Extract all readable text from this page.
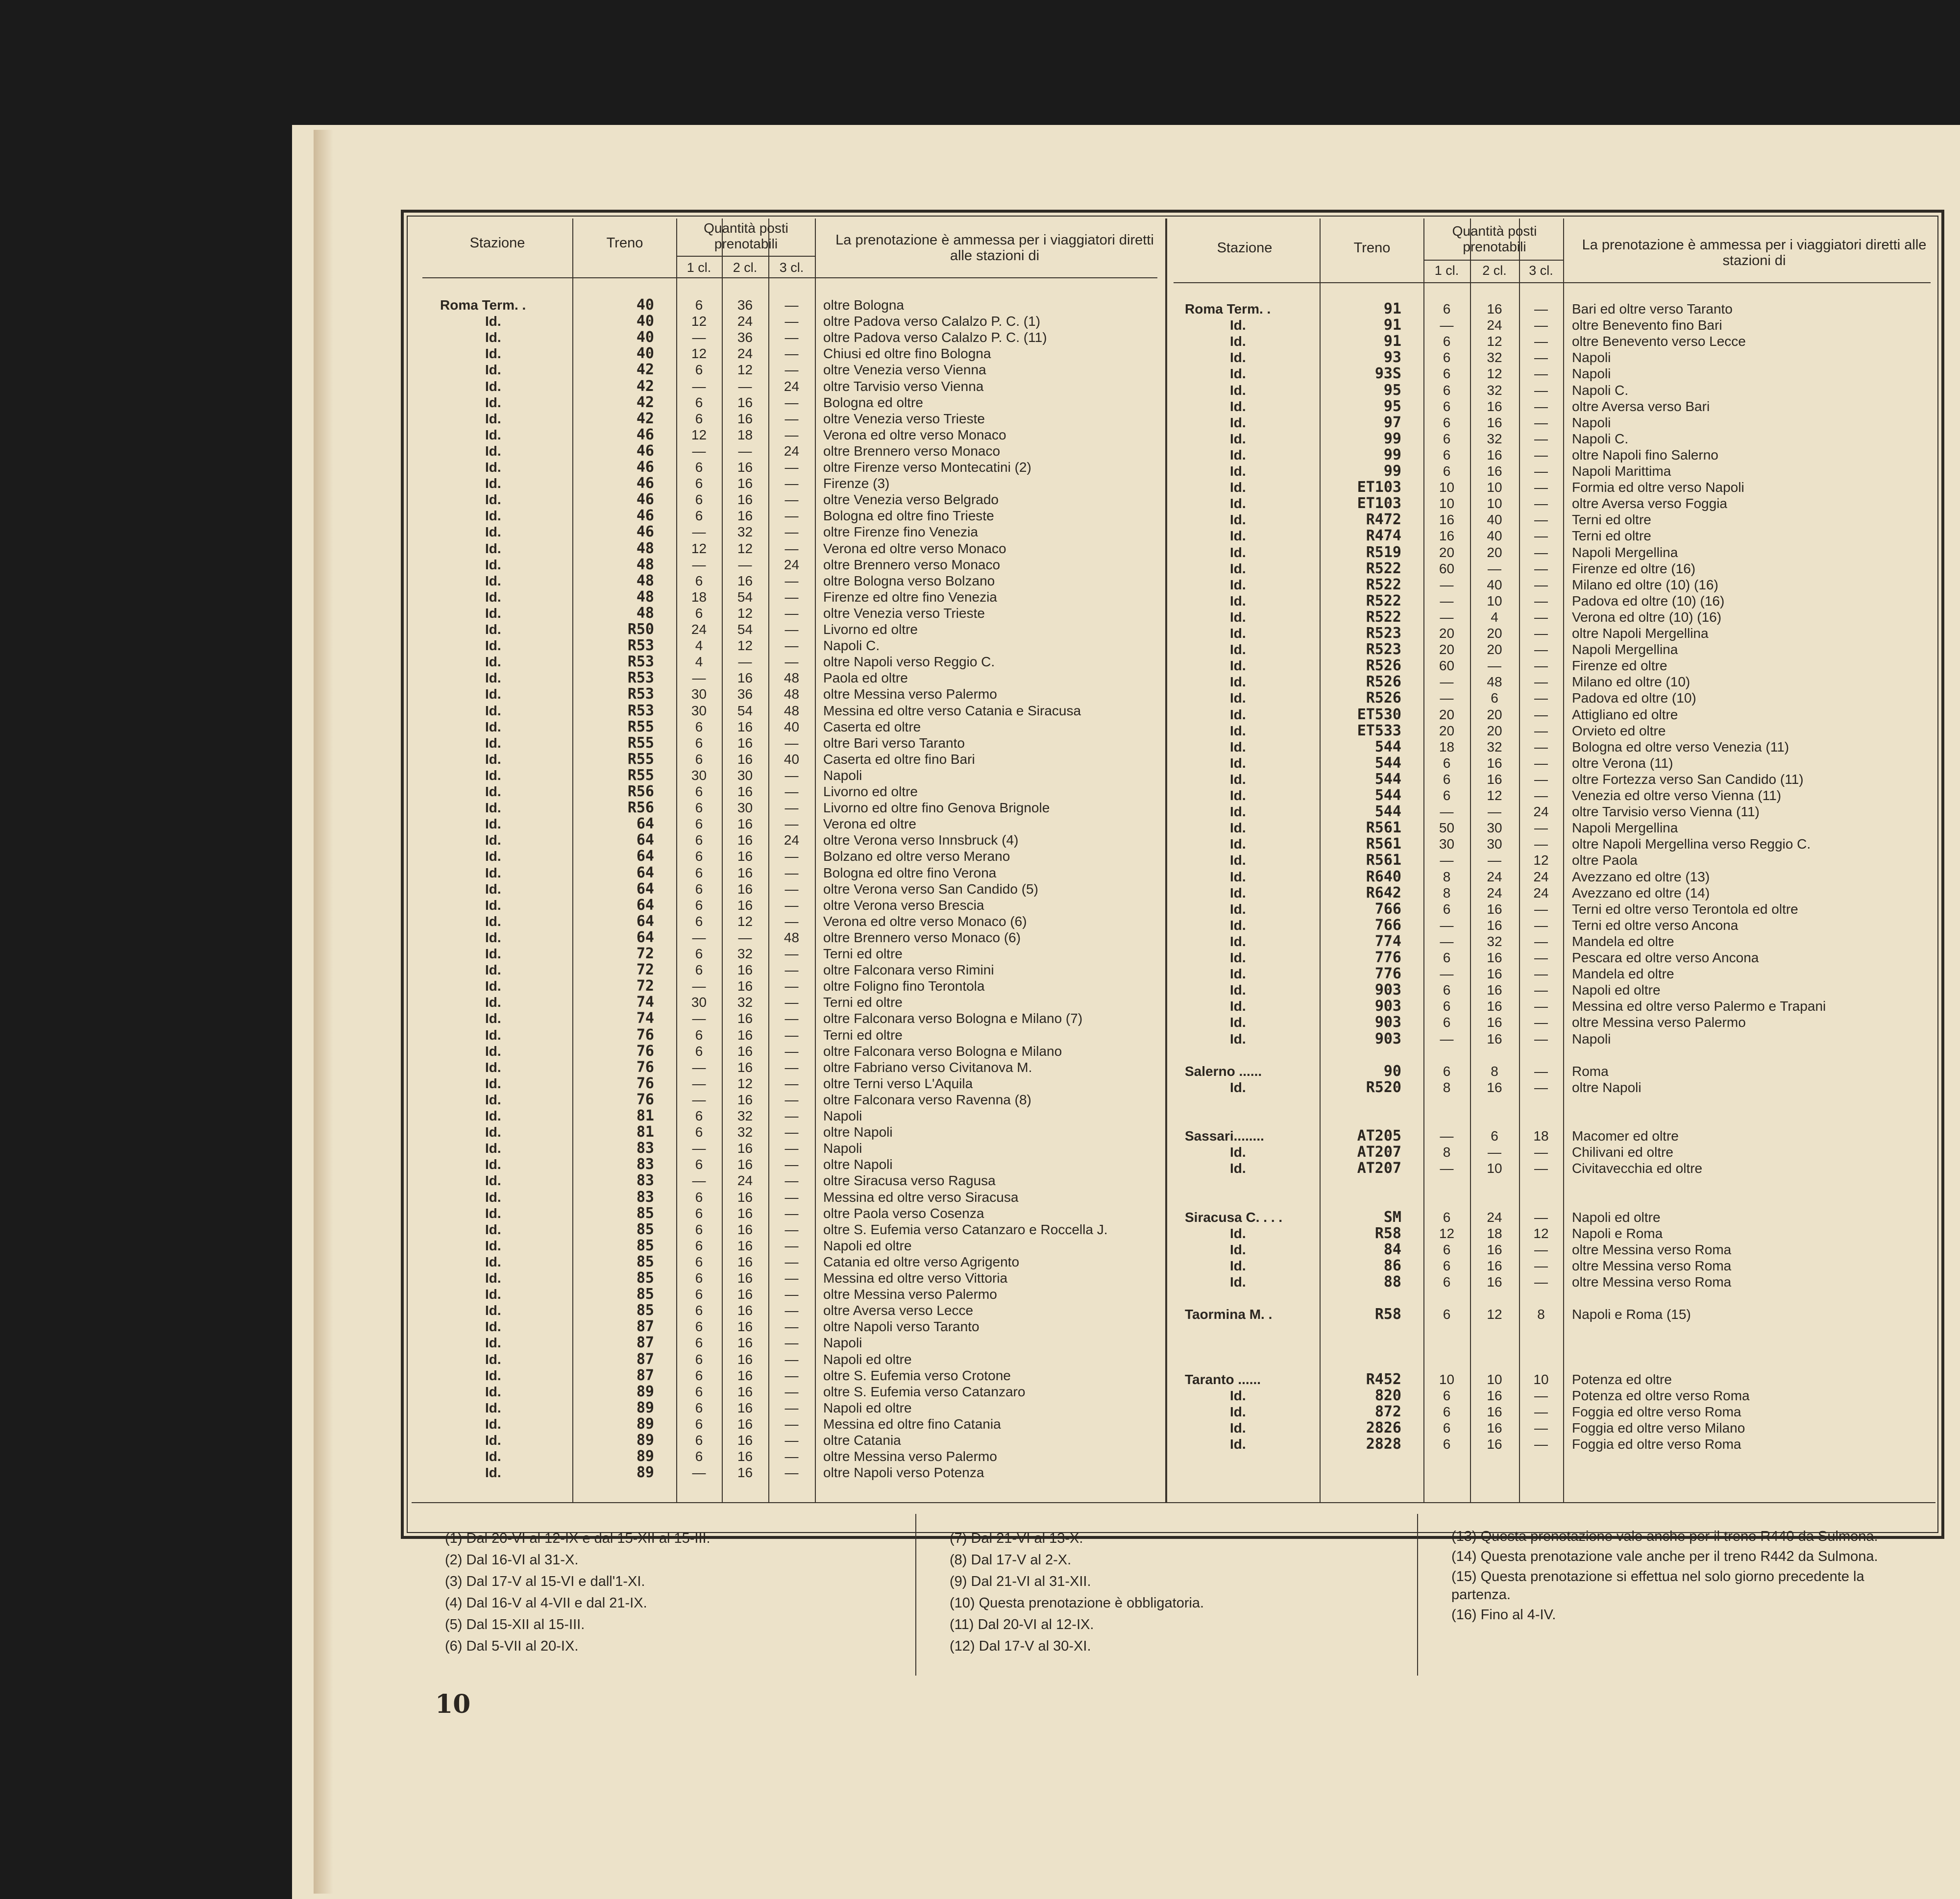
Stazione	Treno
Quantità posti prenotabili
1 cl.	2 cl.	3 cl.
La prenotazione è ammessa per i viaggiatori diretti alle stazioni di	Stazione	Treno
Quantità posti prenotabili
1 cl.	2 cl.	3 cl.
La prenotazione è ammessa per i viaggiatori diretti alle stazioni di
Roma Term. .	40	6	36	—	oltre Bologna
Id.	40	12	24	—	oltre Padova verso Calalzo P. C. (1)
Id.	40	—	36	—	oltre Padova verso Calalzo P. C. (11)
Id.	40	12	24	—	Chiusi ed oltre fino Bologna
Id.	42	6	12	—	oltre Venezia verso Vienna
Id.	42	—	—	24	oltre Tarvisio verso Vienna
Id.	42	6	16	—	Bologna ed oltre
Id.	42	6	16	—	oltre Venezia verso Trieste
Id.	46	12	18	—	Verona ed oltre verso Monaco
Id.	46	—	—	24	oltre Brennero verso Monaco
Id.	46	6	16	—	oltre Firenze verso Montecatini (2)
Id.	46	6	16	—	Firenze (3)
Id.	46	6	16	—	oltre Venezia verso Belgrado
Id.	46	6	16	—	Bologna ed oltre fino Trieste
Id.	46	—	32	—	oltre Firenze fino Venezia
Id.	48	12	12	—	Verona ed oltre verso Monaco
Id.	48	—	—	24	oltre Brennero verso Monaco
Id.	48	6	16	—	oltre Bologna verso Bolzano
Id.	48	18	54	—	Firenze ed oltre fino Venezia
Id.	48	6	12	—	oltre Venezia verso Trieste
Id.	R50	24	54	—	Livorno ed oltre
Id.	R53	4	12	—	Napoli C.
Id.	R53	4	—	—	oltre Napoli verso Reggio C.
Id.	R53	—	16	48	Paola ed oltre
Id.	R53	30	36	48	oltre Messina verso Palermo
Id.	R53	30	54	48	Messina ed oltre verso Catania e Siracusa
Id.	R55	6	16	40	Caserta ed oltre
Id.	R55	6	16	—	oltre Bari verso Taranto
Id.	R55	6	16	40	Caserta ed oltre fino Bari
Id.	R55	30	30	—	Napoli
Id.	R56	6	16	—	Livorno ed oltre
Id.	R56	6	30	—	Livorno ed oltre fino Genova Brignole
Id.	64	6	16	—	Verona ed oltre
Id.	64	6	16	24	oltre Verona verso Innsbruck (4)
Id.	64	6	16	—	Bolzano ed oltre verso Merano
Id.	64	6	16	—	Bologna ed oltre fino Verona
Id.	64	6	16	—	oltre Verona verso San Candido (5)
Id.	64	6	16	—	oltre Verona verso Brescia
Id.	64	6	12	—	Verona ed oltre verso Monaco (6)
Id.	64	—	—	48	oltre Brennero verso Monaco (6)
Id.	72	6	32	—	Terni ed oltre
Id.	72	6	16	—	oltre Falconara verso Rimini
Id.	72	—	16	—	oltre Foligno fino Terontola
Id.	74	30	32	—	Terni ed oltre
Id.	74	—	16	—	oltre Falconara verso Bologna e Milano (7)
Id.	76	6	16	—	Terni ed oltre
Id.	76	6	16	—	oltre Falconara verso Bologna e Milano
Id.	76	—	16	—	oltre Fabriano verso Civitanova M.
Id.	76	—	12	—	oltre Terni verso L'Aquila
Id.	76	—	16	—	oltre Falconara verso Ravenna (8)
Id.	81	6	32	—	Napoli
Id.	81	6	32	—	oltre Napoli
Id.	83	—	16	—	Napoli
Id.	83	6	16	—	oltre Napoli
Id.	83	—	24	—	oltre Siracusa verso Ragusa
Id.	83	6	16	—	Messina ed oltre verso Siracusa
Id.	85	6	16	—	oltre Paola verso Cosenza
Id.	85	6	16	—	oltre S. Eufemia verso Catanzaro e Roccella J.
Id.	85	6	16	—	Napoli ed oltre
Id.	85	6	16	—	Catania ed oltre verso Agrigento
Id.	85	6	16	—	Messina ed oltre verso Vittoria
Id.	85	6	16	—	oltre Messina verso Palermo
Id.	85	6	16	—	oltre Aversa verso Lecce
Id.	87	6	16	—	oltre Napoli verso Taranto
Id.	87	6	16	—	Napoli
Id.	87	6	16	—	Napoli ed oltre
Id.	87	6	16	—	oltre S. Eufemia verso Crotone
Id.	89	6	16	—	oltre S. Eufemia verso Catanzaro
Id.	89	6	16	—	Napoli ed oltre
Id.	89	6	16	—	Messina ed oltre fino Catania
Id.	89	6	16	—	oltre Catania
Id.	89	6	16	—	oltre Messina verso Palermo
Id.	89	—	16	—	oltre Napoli verso Potenza
Roma Term. .	91	6	16	—	Bari ed oltre verso Taranto
Id.	91	—	24	—	oltre Benevento fino Bari
Id.	91	6	12	—	oltre Benevento verso Lecce
Id.	93	6	32	—	Napoli
Id.	93S	6	12	—	Napoli
Id.	95	6	32	—	Napoli C.
Id.	95	6	16	—	oltre Aversa verso Bari
Id.	97	6	16	—	Napoli
Id.	99	6	32	—	Napoli C.
Id.	99	6	16	—	oltre Napoli fino Salerno
Id.	99	6	16	—	Napoli Marittima
Id.	ET103	10	10	—	Formia ed oltre verso Napoli
Id.	ET103	10	10	—	oltre Aversa verso Foggia
Id.	R472	16	40	—	Terni ed oltre
Id.	R474	16	40	—	Terni ed oltre
Id.	R519	20	20	—	Napoli Mergellina
Id.	R522	60	—	—	Firenze ed oltre (16)
Id.	R522	—	40	—	Milano ed oltre (10) (16)
Id.	R522	—	10	—	Padova ed oltre (10) (16)
Id.	R522	—	4	—	Verona ed oltre (10) (16)
Id.	R523	20	20	—	oltre Napoli Mergellina
Id.	R523	20	20	—	Napoli Mergellina
Id.	R526	60	—	—	Firenze ed oltre
Id.	R526	—	48	—	Milano ed oltre (10)
Id.	R526	—	6	—	Padova ed oltre (10)
Id.	ET530	20	20	—	Attigliano ed oltre
Id.	ET533	20	20	—	Orvieto ed oltre
Id.	544	18	32	—	Bologna ed oltre verso Venezia (11)
Id.	544	6	16	—	oltre Verona (11)
Id.	544	6	16	—	oltre Fortezza verso San Candido (11)
Id.	544	6	12	—	Venezia ed oltre verso Vienna (11)
Id.	544	—	—	24	oltre Tarvisio verso Vienna (11)
Id.	R561	50	30	—	Napoli Mergellina
Id.	R561	30	30	—	oltre Napoli Mergellina verso Reggio C.
Id.	R561	—	—	12	oltre Paola
Id.	R640	8	24	24	Avezzano ed oltre (13)
Id.	R642	8	24	24	Avezzano ed oltre (14)
Id.	766	6	16	—	Terni ed oltre verso Terontola ed oltre
Id.	766	—	16	—	Terni ed oltre verso Ancona
Id.	774	—	32	—	Mandela ed oltre
Id.	776	6	16	—	Pescara ed oltre verso Ancona
Id.	776	—	16	—	Mandela ed oltre
Id.	903	6	16	—	Napoli ed oltre
Id.	903	6	16	—	Messina ed oltre verso Palermo e Trapani
Id.	903	6	16	—	oltre Messina verso Palermo
Id.	903	—	16	—	Napoli
Salerno ......	90	6	8	—	Roma
Id.	R520	8	16	—	oltre Napoli
Sassari........	AT205	—	6	18	Macomer ed oltre
Id.	AT207	8	—	—	Chilivani ed oltre
Id.	AT207	—	10	—	Civitavecchia ed oltre
Siracusa C. . . .	SM	6	24	—	Napoli ed oltre
Id.	R58	12	18	12	Napoli e Roma
Id.	84	6	16	—	oltre Messina verso Roma
Id.	86	6	16	—	oltre Messina verso Roma
Id.	88	6	16	—	oltre Messina verso Roma
Taormina M. .	R58	6	12	8	Napoli e Roma (15)
Taranto ......	R452	10	10	10	Potenza ed oltre
Id.	820	6	16	—	Potenza ed oltre verso Roma
Id.	872	6	16	—	Foggia ed oltre verso Roma
Id.	2826	6	16	—	Foggia ed oltre verso Milano
Id.	2828	6	16	—	Foggia ed oltre verso Roma
(1) Dal 20-VI al 12-IX e dal 15-XII al 15-III.
(2) Dal 16-VI al 31-X.
(3) Dal 17-V al 15-VI e dall'1-XI.
(4) Dal 16-V al 4-VII e dal 21-IX.
(5) Dal 15-XII al 15-III.
(6) Dal 5-VII al 20-IX.
(7) Dal 21-VI al 13-X.
(8) Dal 17-V al 2-X.
(9) Dal 21-VI al 31-XII.
(10) Questa prenotazione è obbligatoria.
(11) Dal 20-VI al 12-IX.
(12) Dal 17-V al 30-XI.
(13) Questa prenotazione vale anche per il treno R440 da Sulmona.
(14) Questa prenotazione vale anche per il treno R442 da Sulmona.
(15) Questa prenotazione si effettua nel solo giorno precedente la partenza.
(16) Fino al 4-IV.
10
